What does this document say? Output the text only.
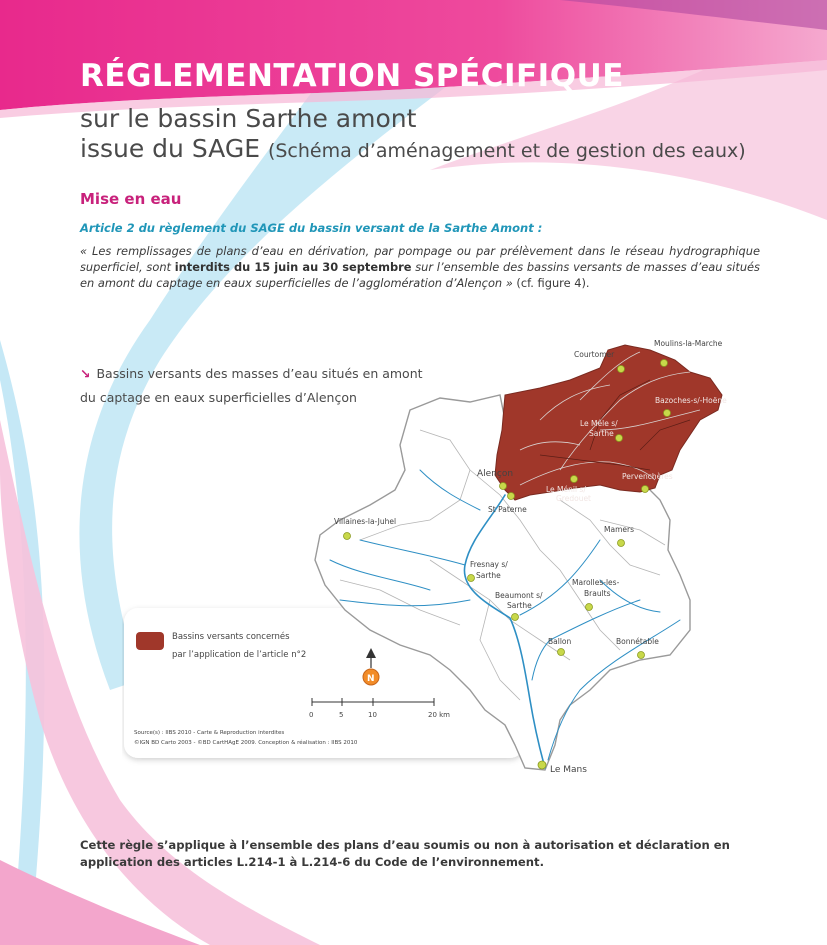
RÉGLEMENTATION SPÉCIFIQUE
sur le bassin Sarthe amont
issue du SAGE (Schéma d’aménagement et de gestion des eaux)
Mise en eau
Article 2 du règlement du SAGE du bassin versant de la Sarthe Amont :
« Les remplissages de plans d’eau en dérivation, par pompage ou par prélèvement dans le réseau hydrographique superficiel, sont interdits du 15 juin au 30 septembre sur l’ensemble des bassins versants de masses d’eau situés en amont du captage en eaux superficielles de l’agglomération d’Alençon » (cf. figure 4).
↘ Bassins versants des masses d’eau situés en amont
du captage en eaux superficielles d’Alençon
Courtomer
Moulins-la-Marche
Bazoches-s/-Hoëne
Le Mêle s/
Sarthe
Alençon
Le Ménil s/
Gredouet
Pervenchères
St Paterne
Villaines-la-Juhel
Mamers
Fresnay s/
Sarthe
Marolles-les-
Braults
Beaumont s/
Sarthe
Ballon	Bonnétable
Le Mans
Bassins versants concernés
par l’application de l’article n°2
N
0	5	10	20 km
Source(s) : IIBS 2010 - Carte & Reproduction interdites
©IGN BD Carto 2003 - ©BD CartHAgE 2009. Conception & réalisation : IIBS 2010
Cette règle s’applique à l’ensemble des plans d’eau soumis ou non à autorisation et déclaration en application des articles L.214-1 à L.214-6 du Code de l’environnement.
